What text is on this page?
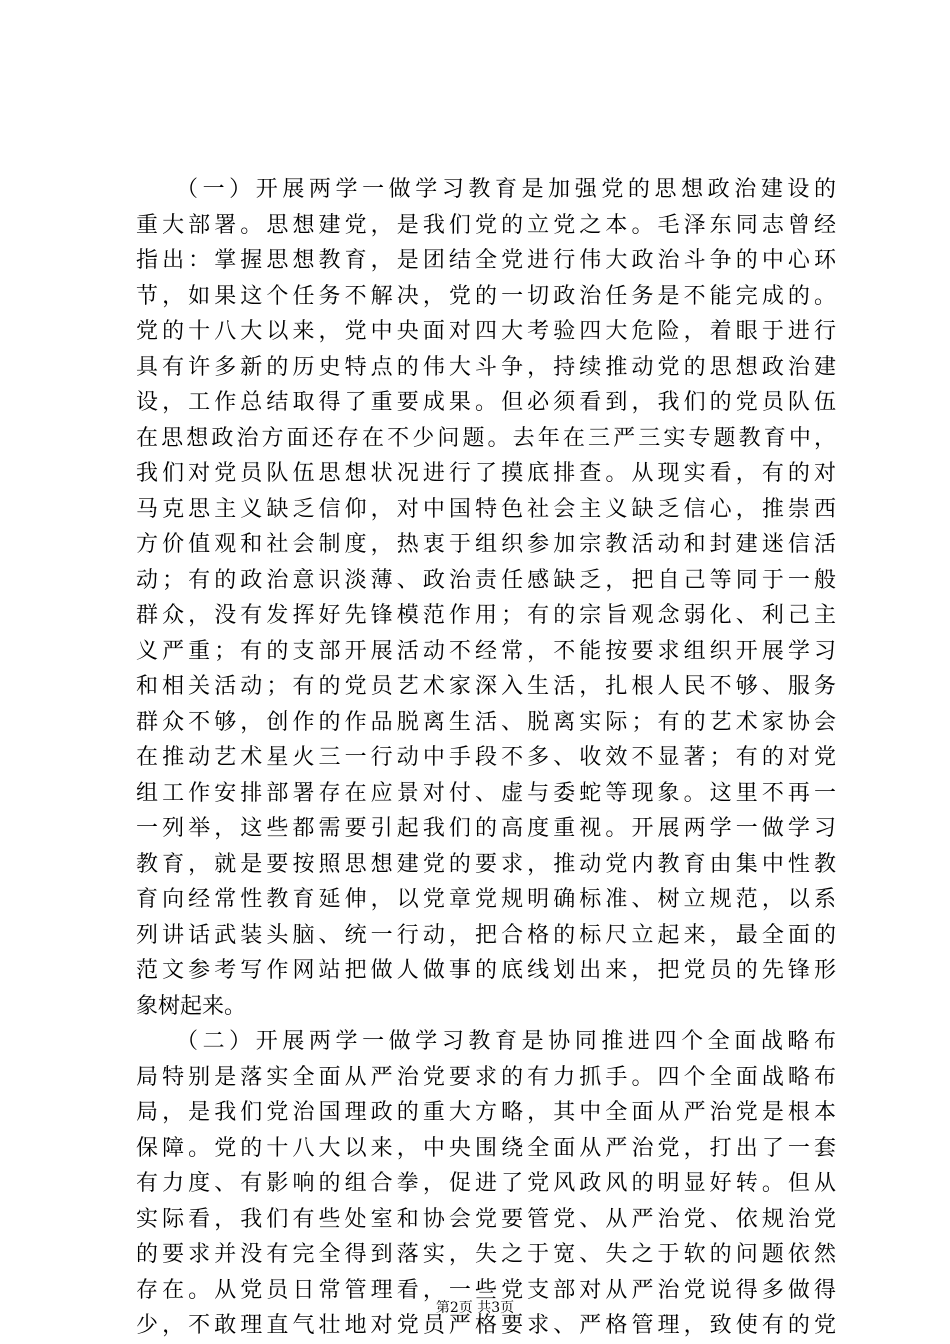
（一）开展两学一做学习教育是加强党的思想政治建设的
重大部署。思想建党，是我们党的立党之本。毛泽东同志曾经
指出：掌握思想教育，是团结全党进行伟大政治斗争的中心环
节，如果这个任务不解决，党的一切政治任务是不能完成的。
党的十八大以来，党中央面对四大考验四大危险，着眼于进行
具有许多新的历史特点的伟大斗争，持续推动党的思想政治建
设，工作总结取得了重要成果。但必须看到，我们的党员队伍
在思想政治方面还存在不少问题。去年在三严三实专题教育中，
我们对党员队伍思想状况进行了摸底排查。从现实看，有的对
马克思主义缺乏信仰，对中国特色社会主义缺乏信心，推崇西
方价值观和社会制度，热衷于组织参加宗教活动和封建迷信活
动；有的政治意识淡薄、政治责任感缺乏，把自己等同于一般
群众，没有发挥好先锋模范作用；有的宗旨观念弱化、利己主
义严重；有的支部开展活动不经常，不能按要求组织开展学习
和相关活动；有的党员艺术家深入生活，扎根人民不够、服务
群众不够，创作的作品脱离生活、脱离实际；有的艺术家协会
在推动艺术星火三一行动中手段不多、收效不显著；有的对党
组工作安排部署存在应景对付、虚与委蛇等现象。这里不再一
一列举，这些都需要引起我们的高度重视。开展两学一做学习
教育，就是要按照思想建党的要求，推动党内教育由集中性教
育向经常性教育延伸，以党章党规明确标准、树立规范，以系
列讲话武装头脑、统一行动，把合格的标尺立起来，最全面的
范文参考写作网站把做人做事的底线划出来，把党员的先锋形
象树起来。
（二）开展两学一做学习教育是协同推进四个全面战略布
局特别是落实全面从严治党要求的有力抓手。四个全面战略布
局，是我们党治国理政的重大方略，其中全面从严治党是根本
保障。党的十八大以来，中央围绕全面从严治党，打出了一套
有力度、有影响的组合拳，促进了党风政风的明显好转。但从
实际看，我们有些处室和协会党要管党、从严治党、依规治党
的要求并没有完全得到落实，失之于宽、失之于软的问题依然
存在。从党员日常管理看，一些党支部对从严治党说得多做得
少，不敢理直气壮地对党员严格要求、严格管理，致使有的党
第2页 共3页
